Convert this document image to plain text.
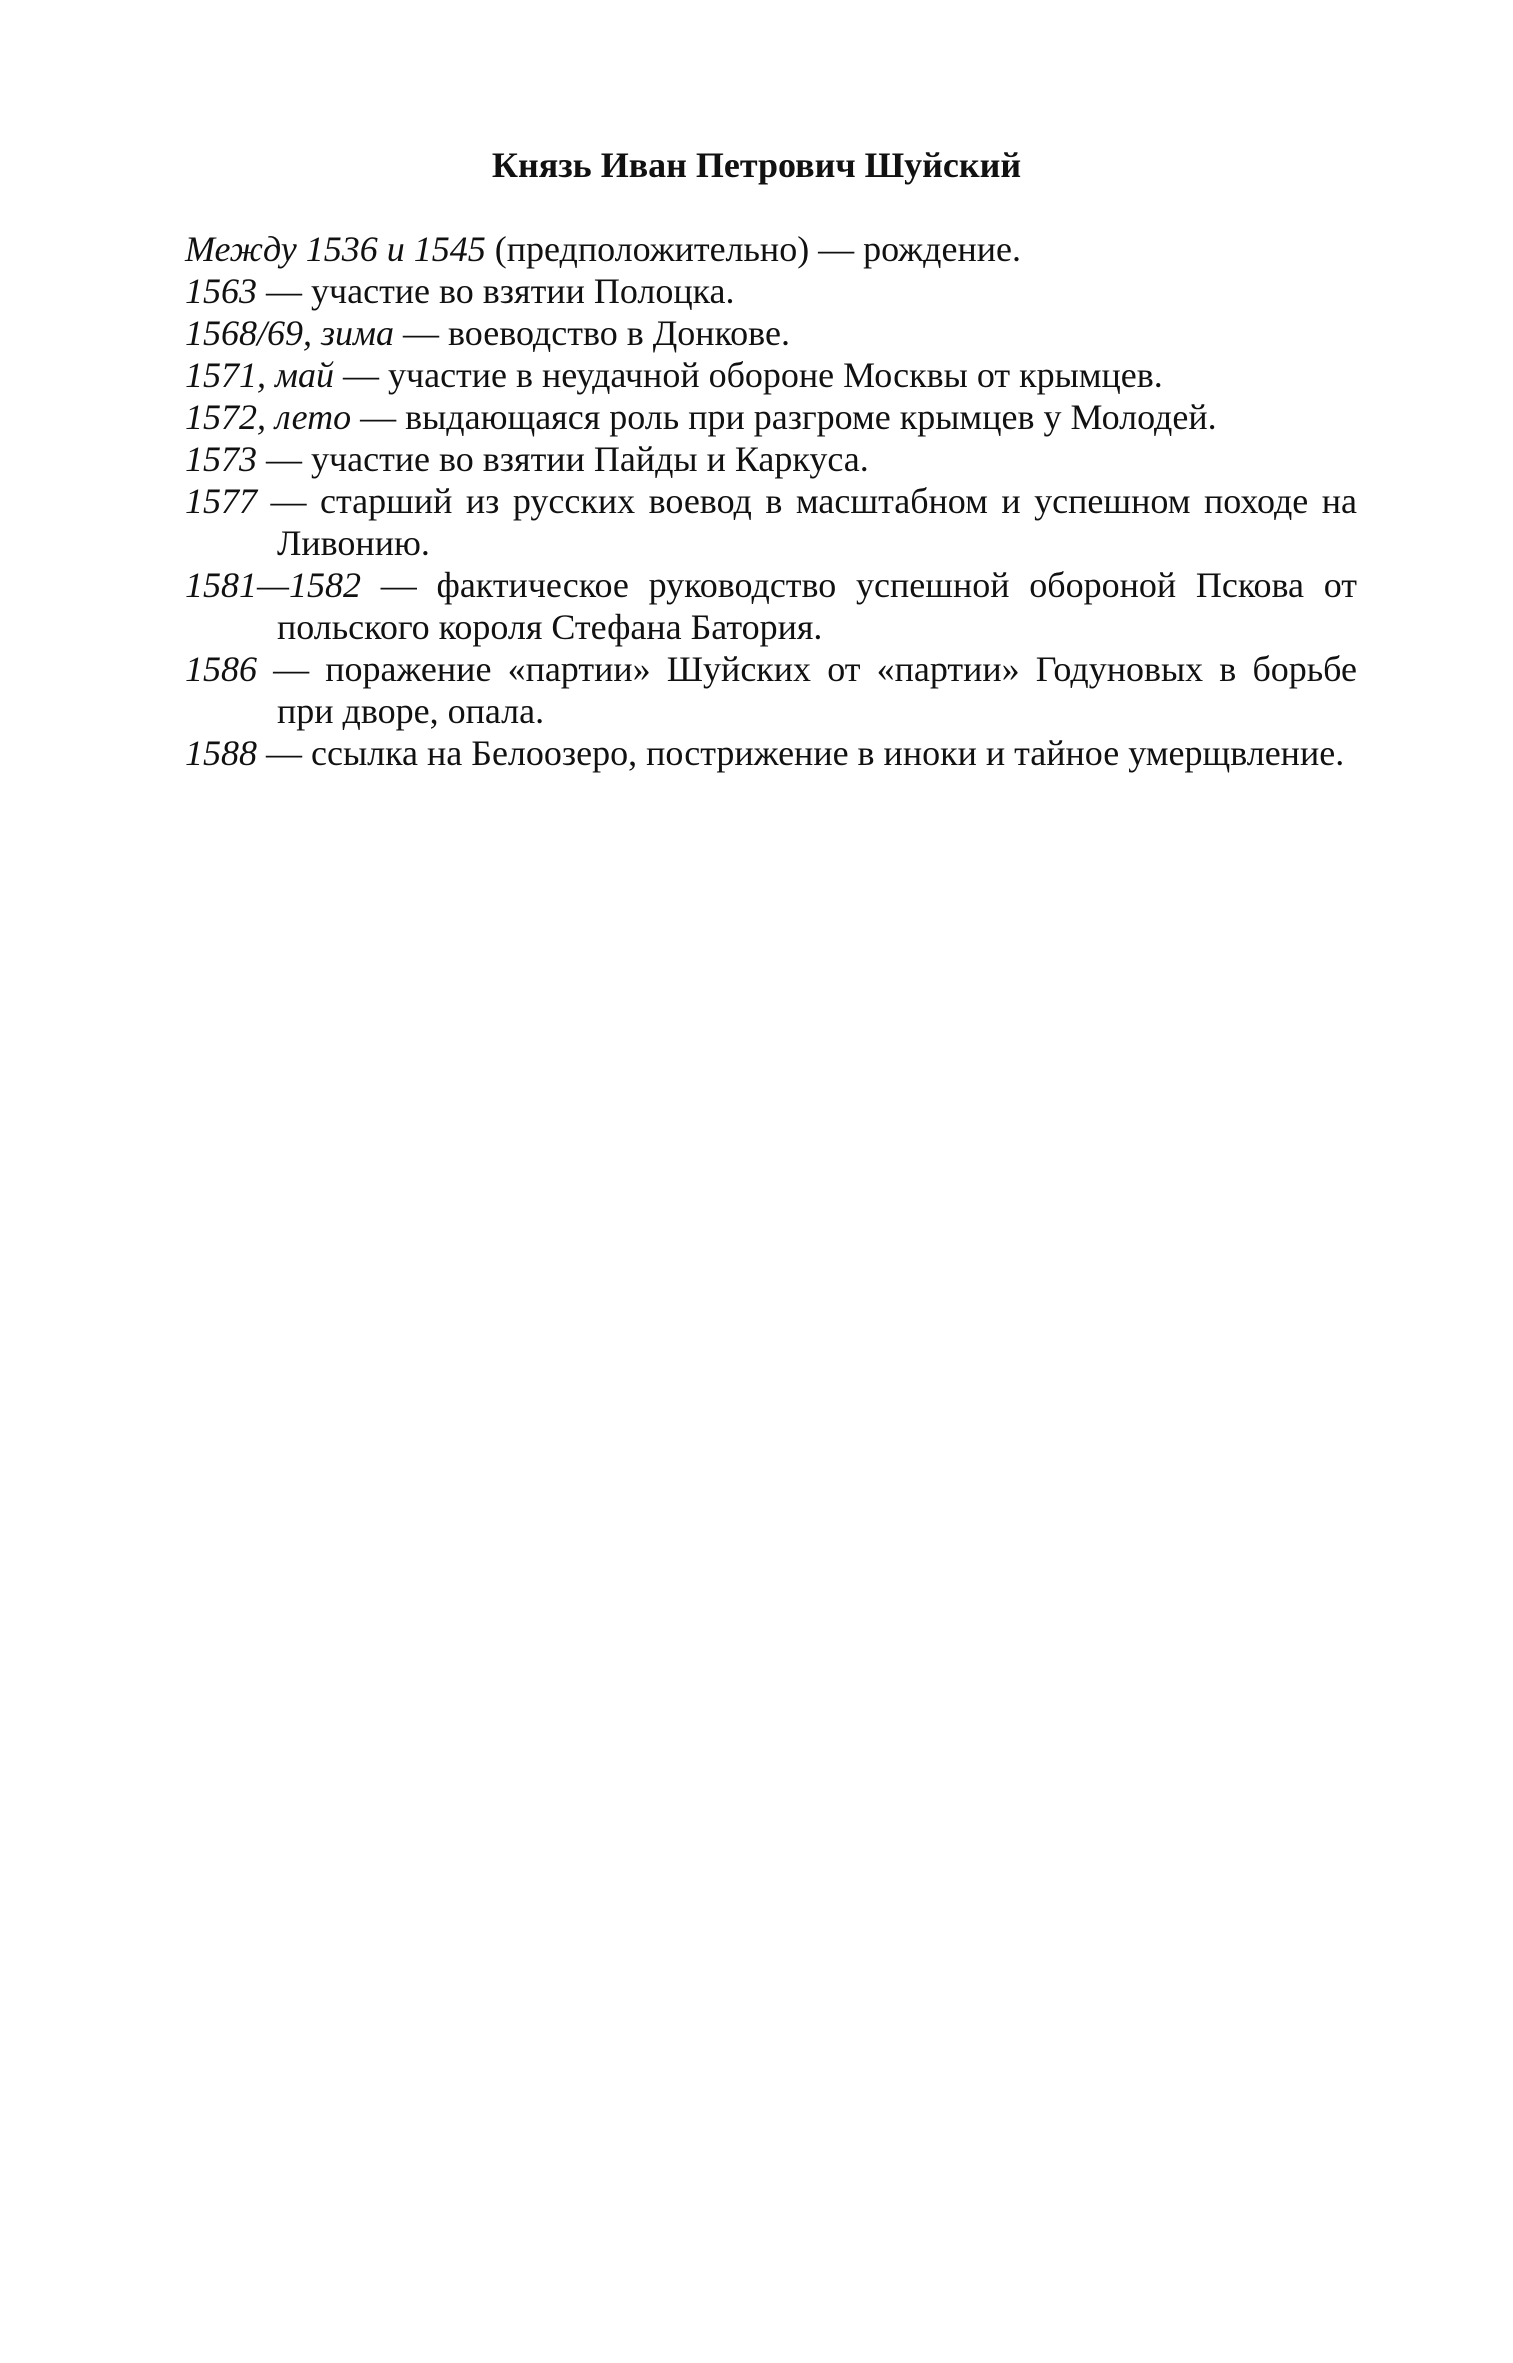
Князь Иван Петрович Шуйский
Между 1536 и 1545 (предположительно) — рождение.
1563 — участие во взятии Полоцка.
1568/69, зима — воеводство в Донкове.
1571, май — участие в неудачной обороне Москвы от крымцев.
1572, лето — выдающаяся роль при разгроме крымцев у Молодей.
1573 — участие во взятии Пайды и Каркуса.
1577 — старший из русских воевод в масштабном и успешном походе на Ливонию.
1581—1582 — фактическое руководство успешной обороной Пскова от польского короля Стефана Батория.
1586 — поражение «партии» Шуйских от «партии» Годуновых в борьбе при дворе, опала.
1588 — ссылка на Белоозеро, пострижение в иноки и тайное умерщвление.
